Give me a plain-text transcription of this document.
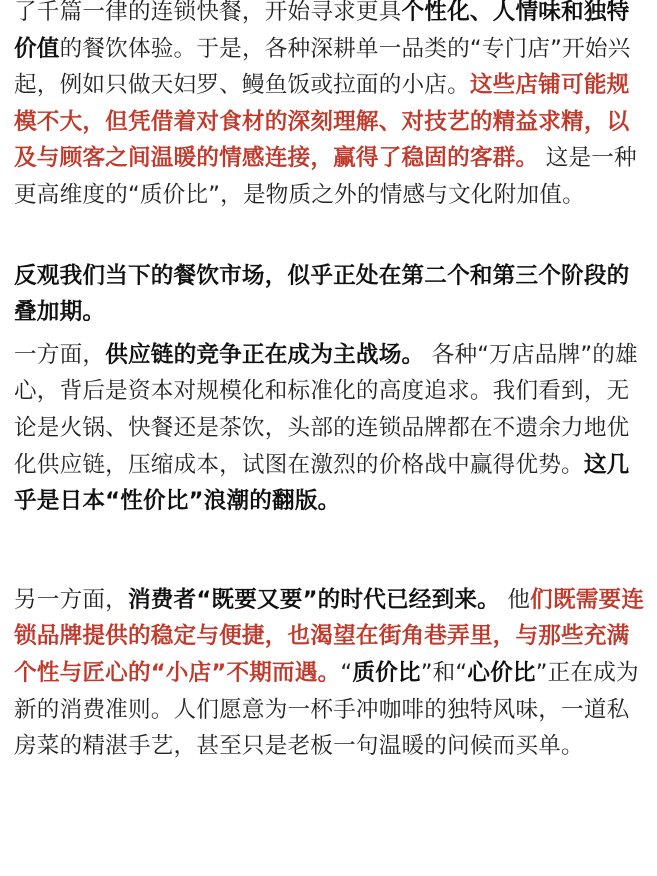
了千篇一律的连锁快餐，开始寻求更具个性化、人情味和独特价值的餐饮体验。于是，各种深耕单一品类的“专门店”开始兴起，例如只做天妇罗、鳗鱼饭或拉面的小店。这些店铺可能规模不大，但凭借着对食材的深刻理解、对技艺的精益求精，以及与顾客之间温暖的情感连接，赢得了稳固的客群。 这是一种更高维度的“质价比”，是物质之外的情感与文化附加值。

反观我们当下的餐饮市场，似乎正处在第二个和第三个阶段的叠加期。

一方面，供应链的竞争正在成为主战场。 各种“万店品牌”的雄心，背后是资本对规模化和标准化的高度追求。我们看到，无论是火锅、快餐还是茶饮，头部的连锁品牌都在不遗余力地优化供应链，压缩成本，试图在激烈的价格战中赢得优势。这几乎是日本“性价比”浪潮的翻版。

另一方面，消费者“既要又要”的时代已经到来。 他们既需要连锁品牌提供的稳定与便捷，也渴望在街角巷弄里，与那些充满个性与匠心的“小店”不期而遇。“质价比”和“心价比”正在成为新的消费准则。人们愿意为一杯手冲咖啡的独特风味，一道私房菜的精湛手艺，甚至只是老板一句温暖的问候而买单。
